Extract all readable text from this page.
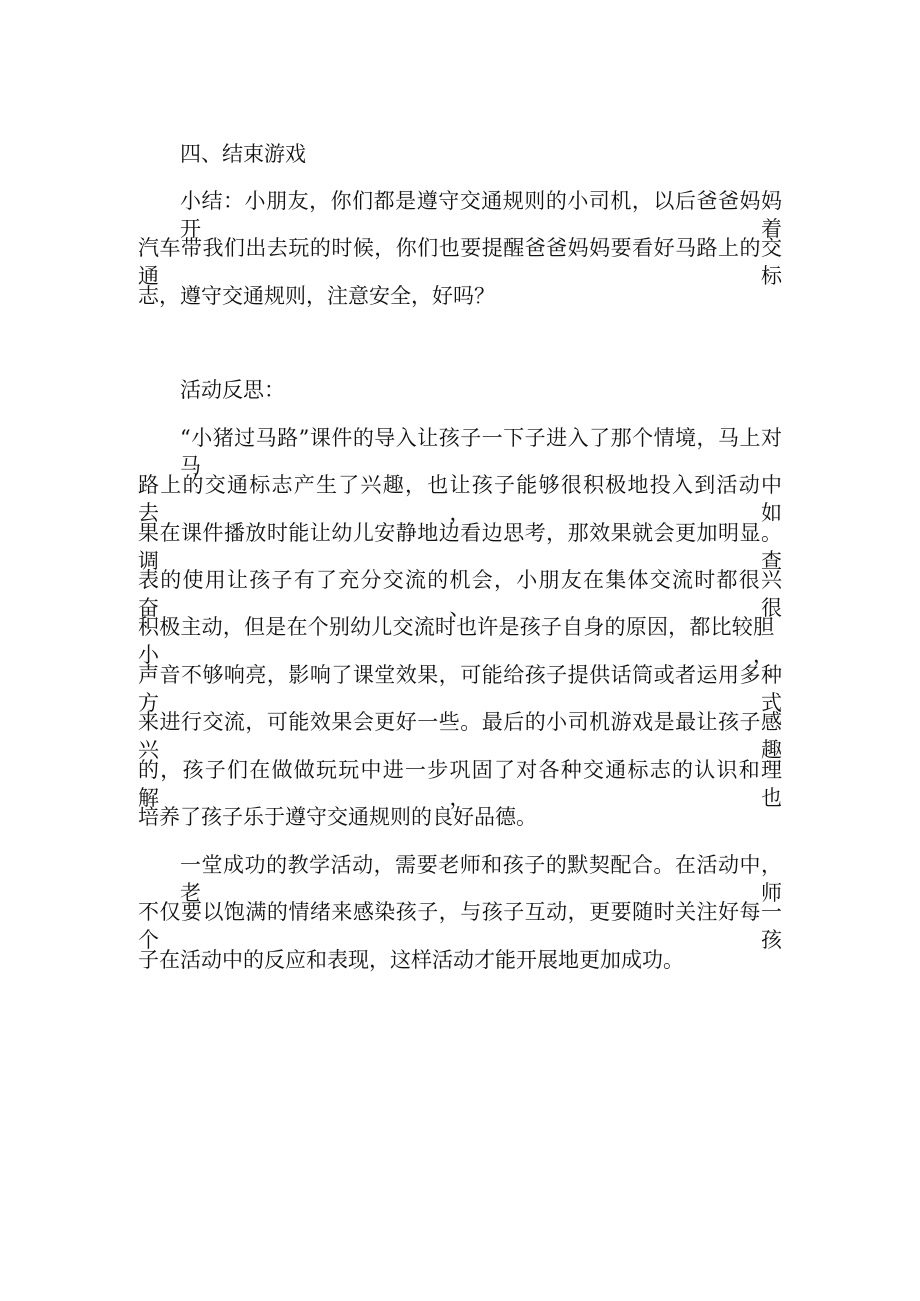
四、结束游戏
小结：小朋友，你们都是遵守交通规则的小司机，以后爸爸妈妈开着
汽车带我们出去玩的时候，你们也要提醒爸爸妈妈要看好马路上的交通标
志，遵守交通规则，注意安全，好吗？
活动反思：
“小猪过马路”课件的导入让孩子一下子进入了那个情境，马上对马
路上的交通标志产生了兴趣，也让孩子能够很积极地投入到活动中去，如
果在课件播放时能让幼儿安静地边看边思考，那效果就会更加明显。调查
表的使用让孩子有了充分交流的机会，小朋友在集体交流时都很兴奋、很
积极主动，但是在个别幼儿交流时也许是孩子自身的原因，都比较胆小，
声音不够响亮，影响了课堂效果，可能给孩子提供话筒或者运用多种方式
来进行交流，可能效果会更好一些。最后的小司机游戏是最让孩子感兴趣
的，孩子们在做做玩玩中进一步巩固了对各种交通标志的认识和理解，也
培养了孩子乐于遵守交通规则的良好品德。
一堂成功的教学活动，需要老师和孩子的默契配合。在活动中，老师
不仅要以饱满的情绪来感染孩子，与孩子互动，更要随时关注好每一个孩
子在活动中的反应和表现，这样活动才能开展地更加成功。
